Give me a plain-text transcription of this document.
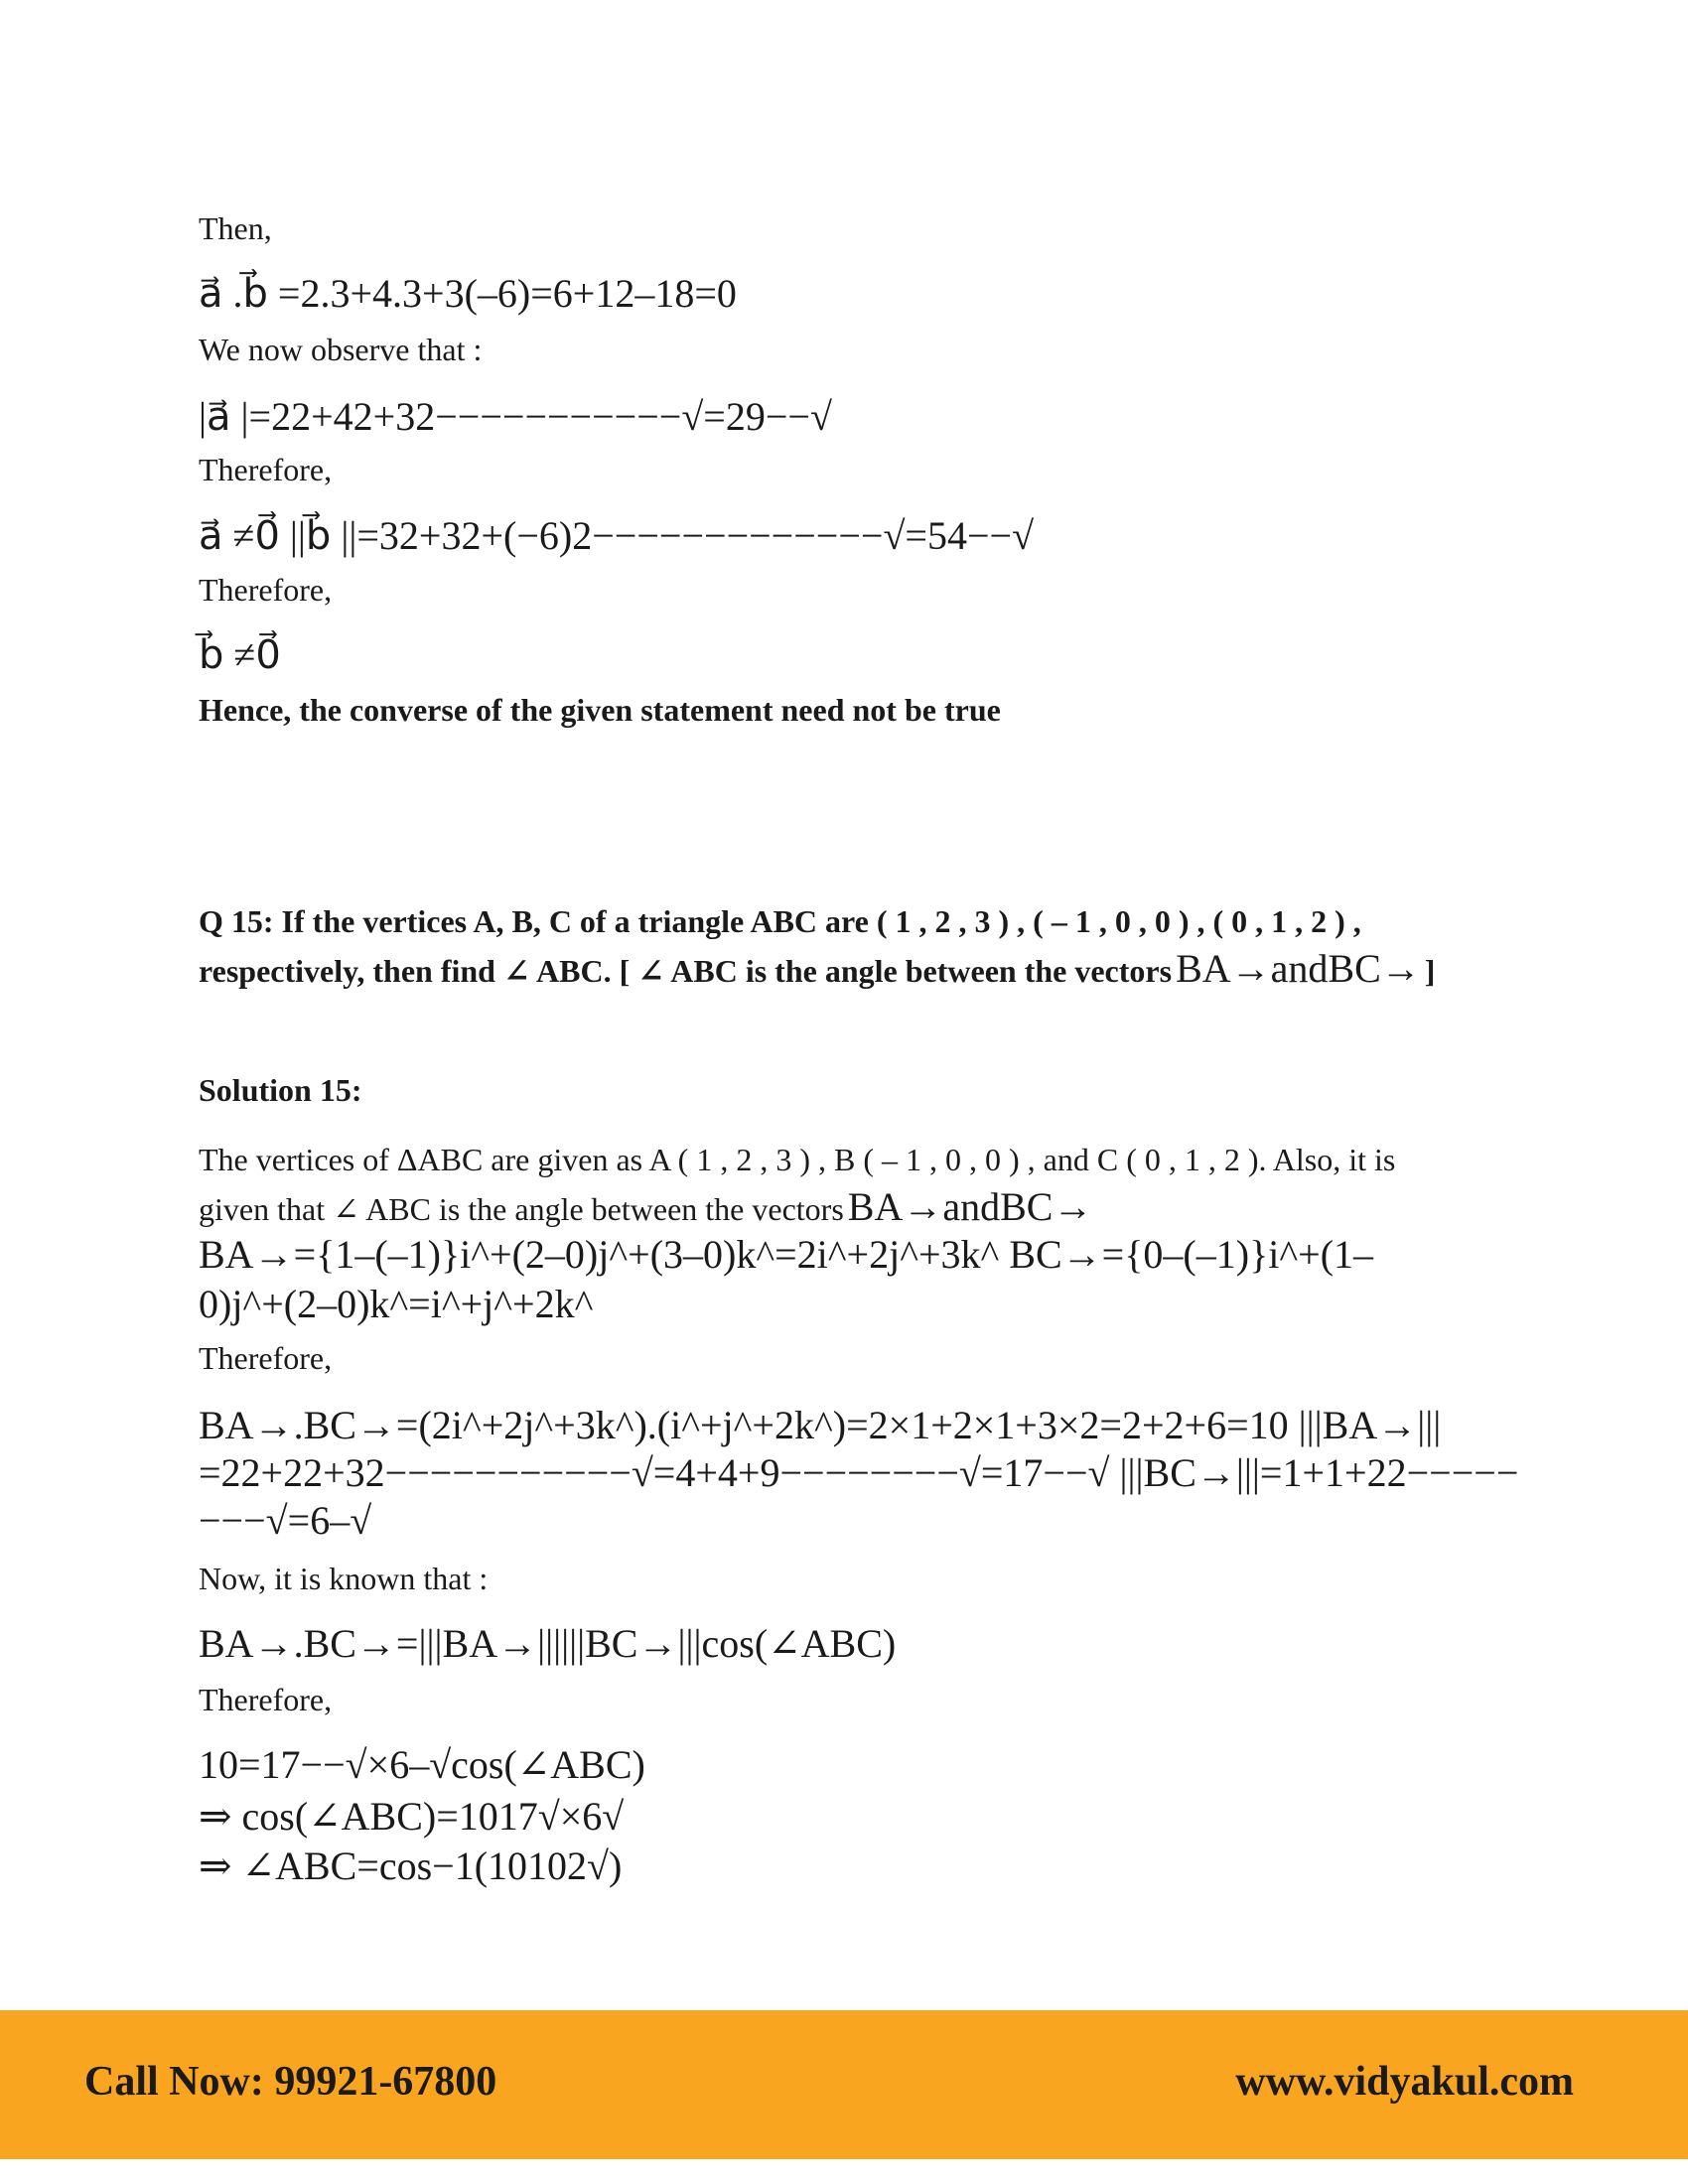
Then,
a⃗ .b⃗ =2.3+4.3+3(–6)=6+12–18=0
We now observe that :
|a⃗ |=22+42+32−−−−−−−−−−−√=29−−√
Therefore,
a⃗ ≠0⃗ ||b⃗ ||=32+32+(−6)2−−−−−−−−−−−−−√=54−−√
Therefore,
b⃗ ≠0⃗
Hence, the converse of the given statement need not be true
Q 15: If the vertices A, B, C of a triangle ABC are ( 1 , 2 , 3 ) , ( – 1 , 0 , 0 ) , ( 0 , 1 , 2 ) ,
respectively, then find ∠ ABC. [ ∠ ABC is the angle between the vectors BA→andBC→ ]
Solution 15:
The vertices of ΔABC are given as A ( 1 , 2 , 3 ) , B ( – 1 , 0 , 0 ) , and C ( 0 , 1 , 2 ). Also, it is
given that ∠ ABC is the angle between the vectors BA→andBC→
BA→={1–(–1)}i^+(2–0)j^+(3–0)k^=2i^+2j^+3k^ BC→={0–(–1)}i^+(1–
0)j^+(2–0)k^=i^+j^+2k^
Therefore,
BA→.BC→=(2i^+2j^+3k^).(i^+j^+2k^)=2×1+2×1+3×2=2+2+6=10 |||BA→|||
=22+22+32−−−−−−−−−−−√=4+4+9−−−−−−−−√=17−−√ |||BC→|||=1+1+22−−−−−
−−−√=6–√
Now, it is known that :
BA→.BC→=|||BA→||||||BC→|||cos(∠ABC)
Therefore,
10=17−−√×6–√cos(∠ABC)
⇒ cos(∠ABC)=1017√×6√
⇒ ∠ABC=cos−1(10102√)
Call Now: 99921-67800	www.vidyakul.com
